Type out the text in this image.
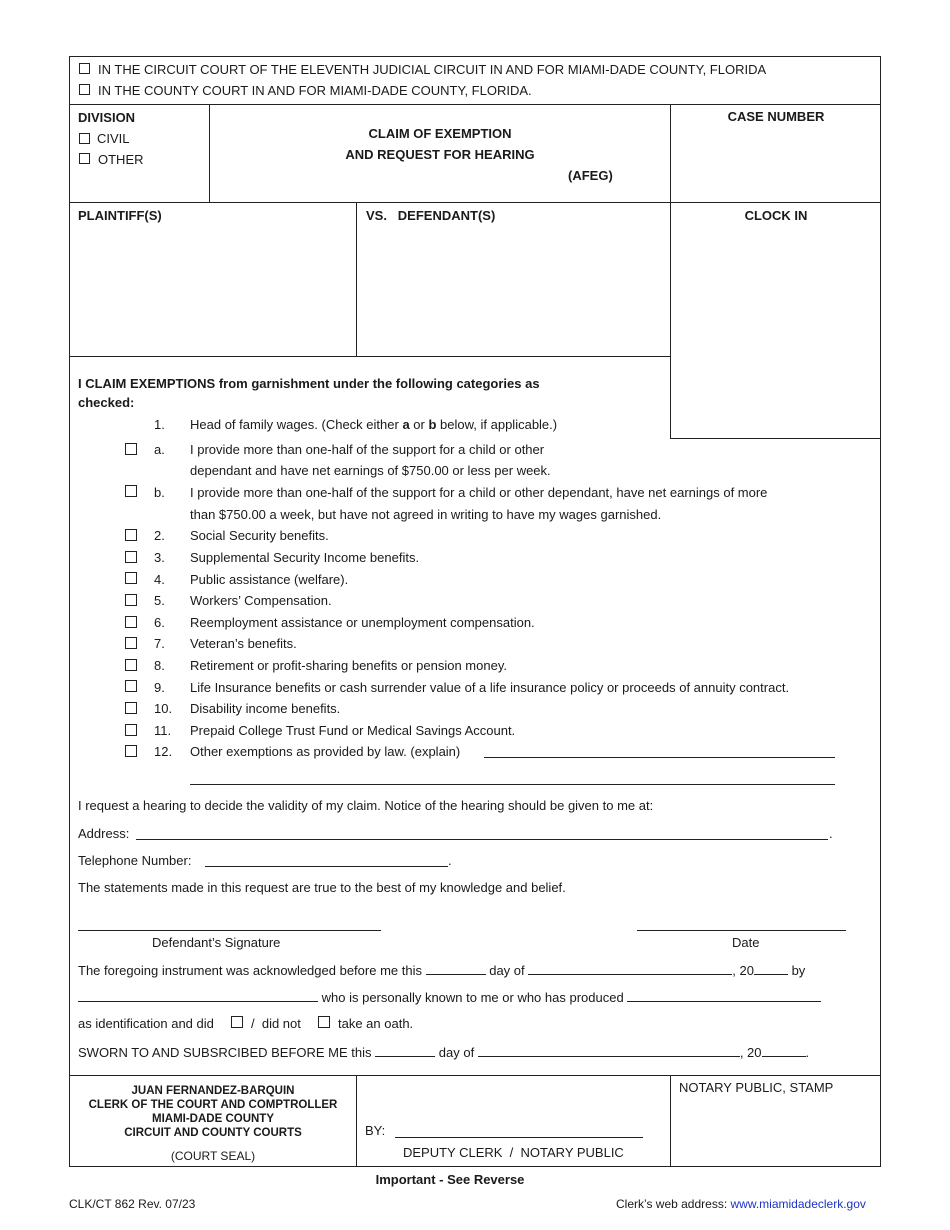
IN THE CIRCUIT COURT OF THE ELEVENTH JUDICIAL CIRCUIT IN AND FOR MIAMI-DADE COUNTY, FLORIDA
IN THE COUNTY COURT IN AND FOR MIAMI-DADE COUNTY, FLORIDA.
DIVISION
CIVIL
OTHER
CLAIM OF EXEMPTION
AND REQUEST FOR HEARING
(AFEG)
CASE NUMBER
PLAINTIFF(S)	VS.   DEFENDANT(S)	CLOCK IN
I CLAIM EXEMPTIONS from garnishment under the following categories as
checked:
1. Head of family wages. (Check either a or b below, if applicable.)
a. I provide more than one-half of the support for a child or other
dependant and have net earnings of $750.00 or less per week.
b. I provide more than one-half of the support for a child or other dependant, have net earnings of more
than $750.00 a week, but have not agreed in writing to have my wages garnished.
2. Social Security benefits.
3. Supplemental Security Income benefits.
4. Public assistance (welfare).
5. Workers’ Compensation.
6. Reemployment assistance or unemployment compensation.
7. Veteran’s benefits.
8. Retirement or profit-sharing benefits or pension money.
9. Life Insurance benefits or cash surrender value of a life insurance policy or proceeds of annuity contract.
10. Disability income benefits.
11. Prepaid College Trust Fund or Medical Savings Account.
12. Other exemptions as provided by law. (explain)
I request a hearing to decide the validity of my claim. Notice of the hearing should be given to me at:
Address:	.
Telephone Number:	.
The statements made in this request are true to the best of my knowledge and belief.
Defendant’s Signature	Date
The foregoing instrument was acknowledged before me this	day of	, 20	by
who is personally known to me or who has produced
as identification and did	/  did not	take an oath.
SWORN TO AND SUBSRCIBED BEFORE ME this	day of	, 20	.
JUAN FERNANDEZ-BARQUIN
CLERK OF THE COURT AND COMPTROLLER
MIAMI-DADE COUNTY
CIRCUIT AND COUNTY COURTS
(COURT SEAL)
BY:
DEPUTY CLERK  /  NOTARY PUBLIC
NOTARY PUBLIC, STAMP
Important - See Reverse
CLK/CT 862 Rev. 07/23	Clerk’s web address: www.miamidadeclerk.gov
